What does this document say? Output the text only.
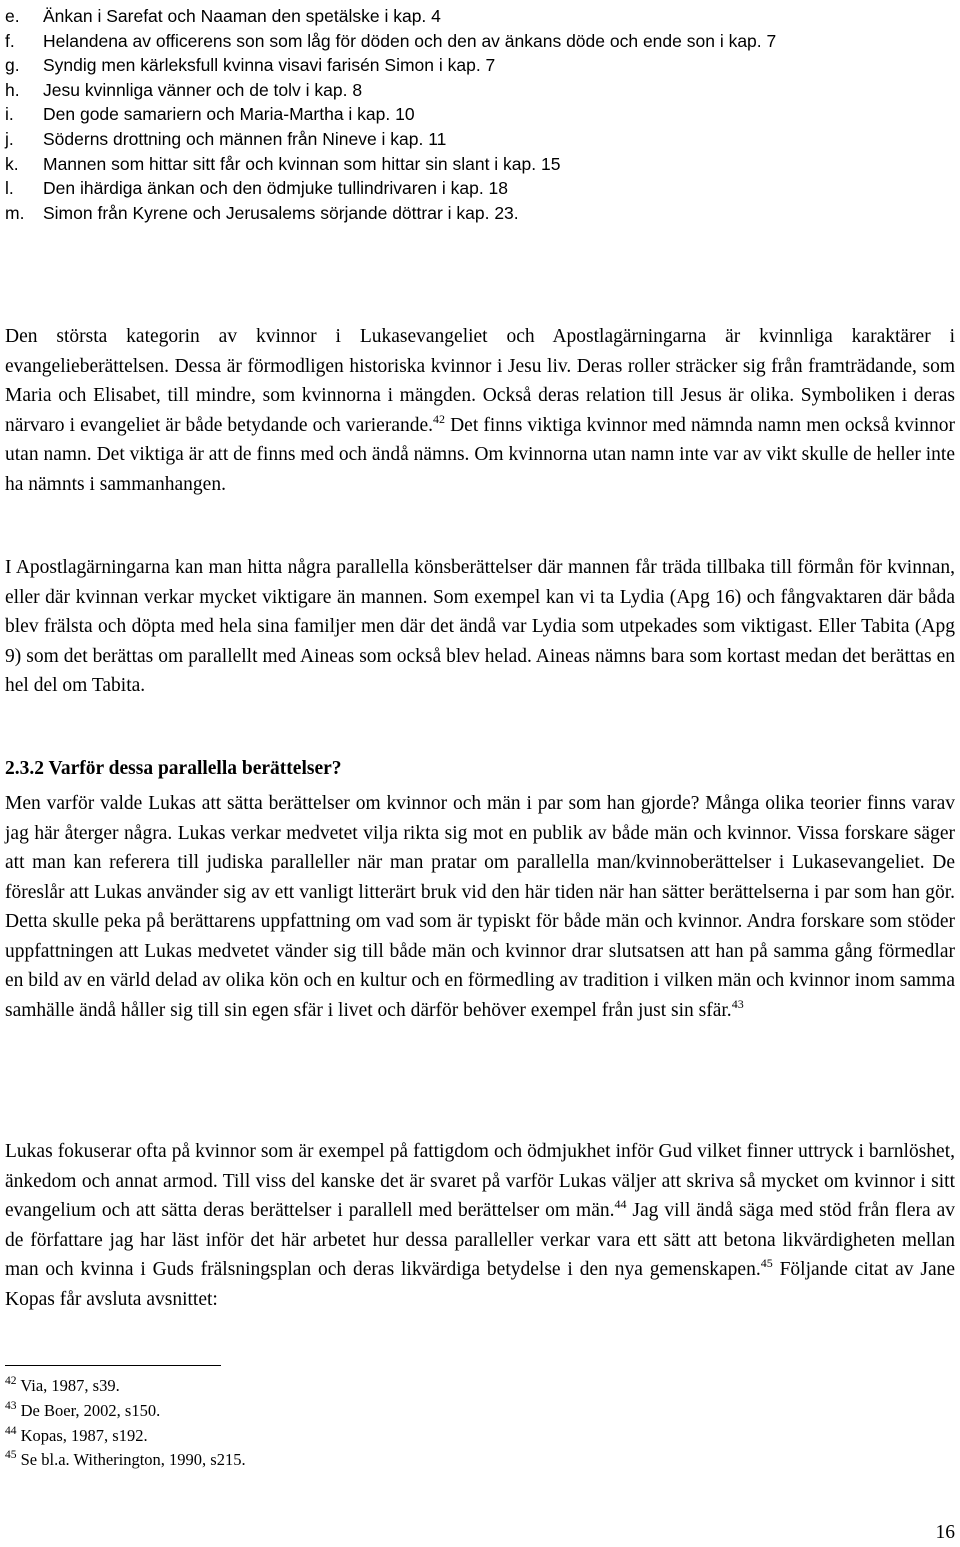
e.	Änkan i Sarefat och Naaman den spetälske i kap. 4
f.	Helandena av officerens son som låg för döden och den av änkans döde och ende son i kap. 7
g.	Syndig men kärleksfull kvinna visavi farisén Simon i kap. 7
h.	Jesu kvinnliga vänner och de tolv i kap. 8
i.	Den gode samariern och Maria-Martha i kap. 10
j.	Söderns drottning och männen från Nineve i kap. 11
k.	Mannen som hittar sitt får och kvinnan som hittar sin slant i kap. 15
l.	Den ihärdiga änkan och den ödmjuke tullindrivaren i kap. 18
m.	Simon från Kyrene och Jerusalems sörjande döttrar i kap. 23.

Den största kategorin av kvinnor i Lukasevangeliet och Apostlagärningarna är kvinnliga karaktärer i evangelieberättelsen. Dessa är förmodligen historiska kvinnor i Jesu liv. Deras roller sträcker sig från framträdande, som Maria och Elisabet, till mindre, som kvinnorna i mängden. Också deras relation till Jesus är olika. Symboliken i deras närvaro i evangeliet är både betydande och varierande.$^{42}$ Det finns viktiga kvinnor med nämnda namn men också kvinnor utan namn. Det viktiga är att de finns med och ändå nämns. Om kvinnorna utan namn inte var av vikt skulle de heller inte ha nämnts i sammanhangen.

I Apostlagärningarna kan man hitta några parallella könsberättelser där mannen får träda tillbaka till förmån för kvinnan, eller där kvinnan verkar mycket viktigare än mannen. Som exempel kan vi ta Lydia (Apg 16) och fångvaktaren där båda blev frälsta och döpta med hela sina familjer men där det ändå var Lydia som utpekades som viktigast. Eller Tabita (Apg 9) som det berättas om parallellt med Aineas som också blev helad. Aineas nämns bara som kortast medan det berättas en hel del om Tabita.

2.3.2 Varför dessa parallella berättelser?

Men varför valde Lukas att sätta berättelser om kvinnor och män i par som han gjorde? Många olika teorier finns varav jag här återger några. Lukas verkar medvetet vilja rikta sig mot en publik av både män och kvinnor. Vissa forskare säger att man kan referera till judiska paralleller när man pratar om parallella man/kvinnoberättelser i Lukasevangeliet. De föreslår att Lukas använder sig av ett vanligt litterärt bruk vid den här tiden när han sätter berättelserna i par som han gör. Detta skulle peka på berättarens uppfattning om vad som är typiskt för både män och kvinnor. Andra forskare som stöder uppfattningen att Lukas medvetet vänder sig till både män och kvinnor drar slutsatsen att han på samma gång förmedlar en bild av en värld delad av olika kön och en kultur och en förmedling av tradition i vilken män och kvinnor inom samma samhälle ändå håller sig till sin egen sfär i livet och därför behöver exempel från just sin sfär.$^{43}$

Lukas fokuserar ofta på kvinnor som är exempel på fattigdom och ödmjukhet inför Gud vilket finner uttryck i barnlöshet, änkedom och annat armod. Till viss del kanske det är svaret på varför Lukas väljer att skriva så mycket om kvinnor i sitt evangelium och att sätta deras berättelser i parallell med berättelser om män.$^{44}$ Jag vill ändå säga med stöd från flera av de författare jag har läst inför det här arbetet hur dessa paralleller verkar vara ett sätt att betona likvärdigheten mellan man och kvinna i Guds frälsningsplan och deras likvärdiga betydelse i den nya gemenskapen.$^{45}$ Följande citat av Jane Kopas får avsluta avsnittet:

$^{42}$ Via, 1987, s39.
$^{43}$ De Boer, 2002, s150.
$^{44}$ Kopas, 1987, s192.
$^{45}$ Se bl.a. Witherington, 1990, s215.
16
